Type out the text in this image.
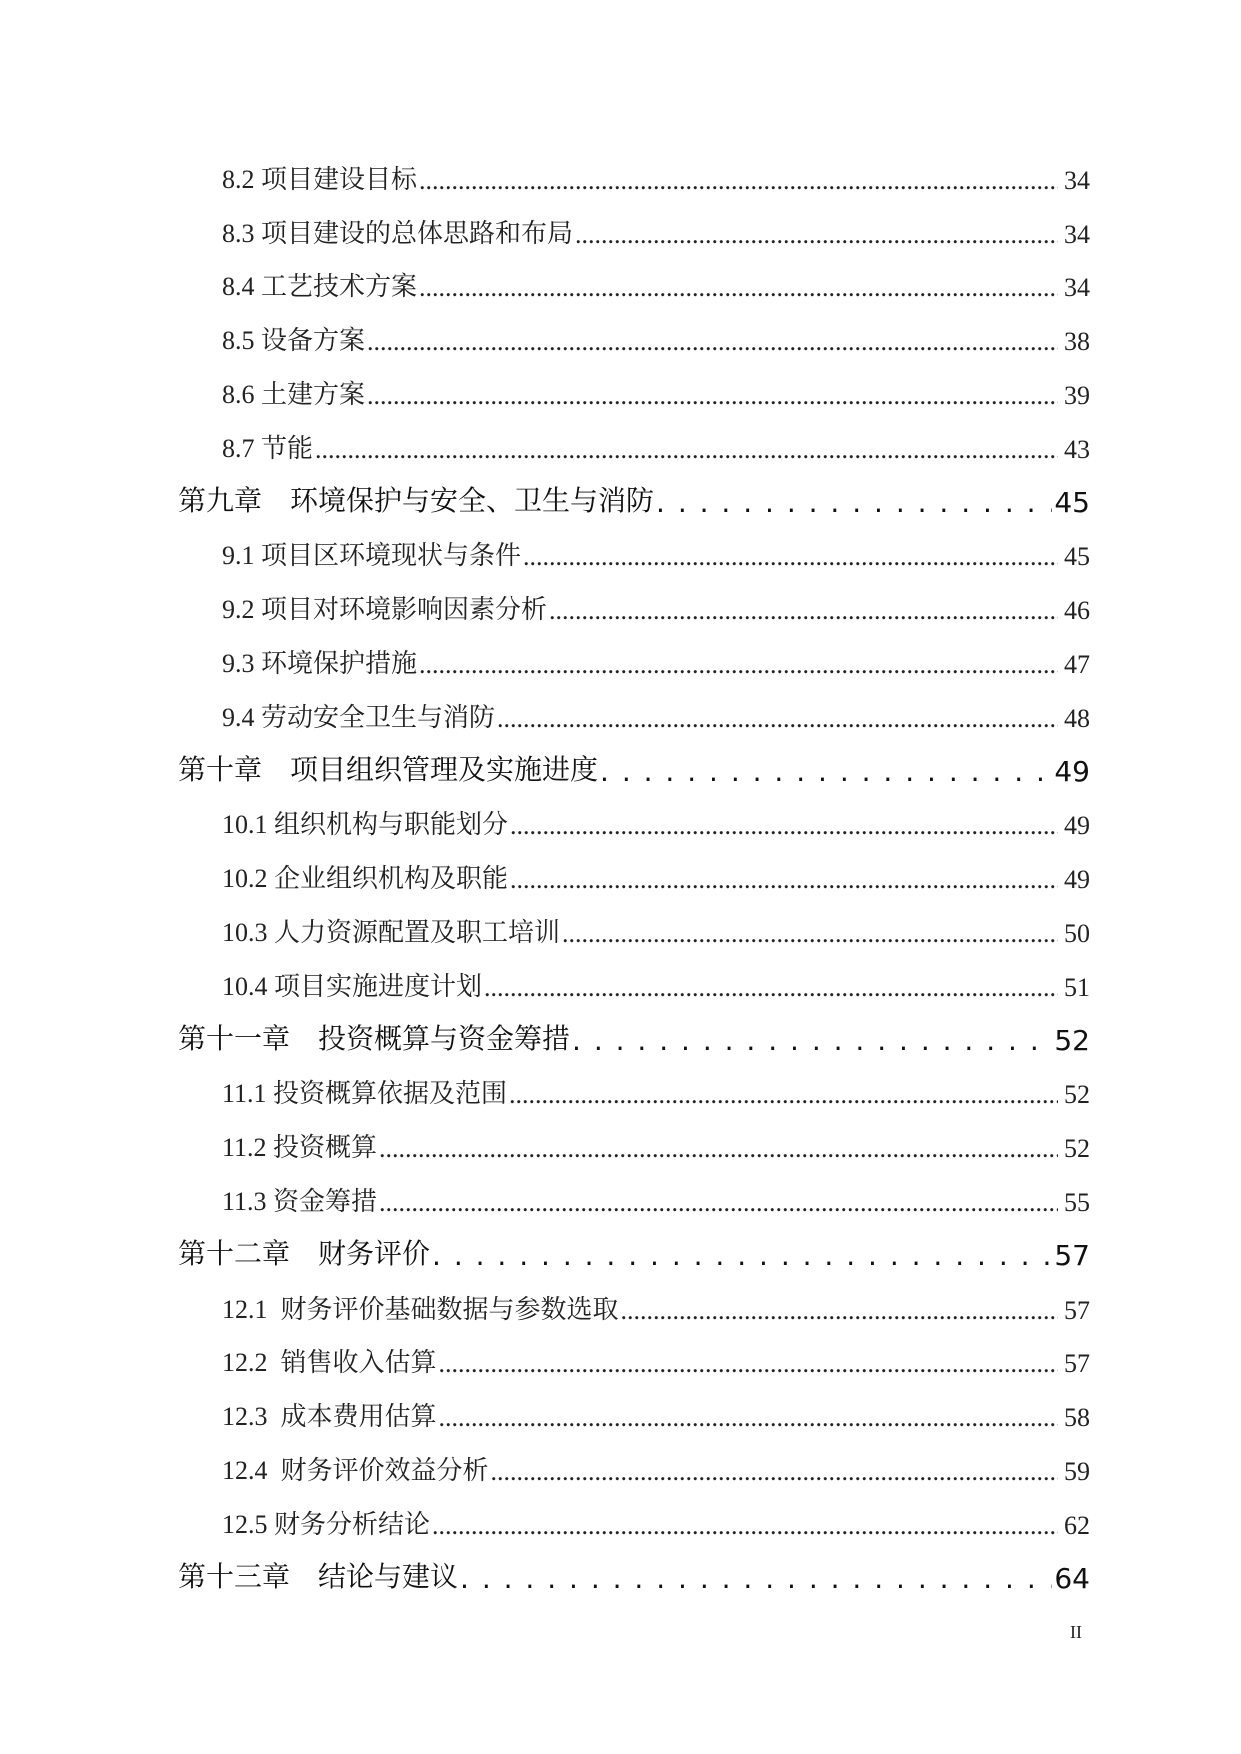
8.2 项目建设目标 .....	34
8.3 项目建设的总体思路和布局 .....	34
8.4 工艺技术方案 .....	34
8.5 设备方案 .....	38
8.6 土建方案 .....	39
8.7 节能 .....	43
第九章　环境保护与安全、卫生与消防 . . .	45
9.1 项目区环境现状与条件 .....	45
9.2 项目对环境影响因素分析 .....	46
9.3 环境保护措施 .....	47
9.4 劳动安全卫生与消防 .....	48
第十章　项目组织管理及实施进度 . . .	49
10.1 组织机构与职能划分 .....	49
10.2 企业组织机构及职能 .....	49
10.3 人力资源配置及职工培训 .....	50
10.4 项目实施进度计划 .....	51
第十一章　投资概算与资金筹措 . . .	52
11.1 投资概算依据及范围 .....	52
11.2 投资概算 .....	52
11.3 资金筹措 .....	55
第十二章　财务评价 . . .	57
12.1  财务评价基础数据与参数选取 .....	57
12.2  销售收入估算 .....	57
12.3  成本费用估算 .....	58
12.4  财务评价效益分析 .....	59
12.5 财务分析结论 .....	62
第十三章　结论与建议 . . .	64
II
